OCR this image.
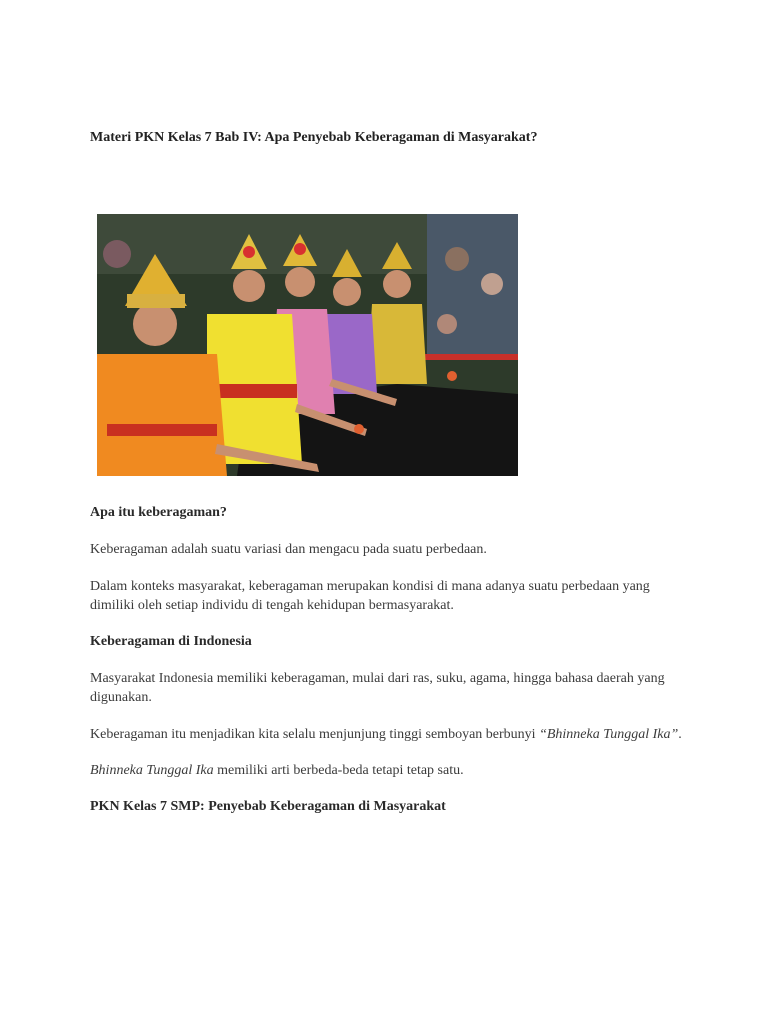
Materi PKN Kelas 7 Bab IV: Apa Penyebab Keberagaman di Masyarakat?
Apa itu keberagaman?

Keberagaman adalah suatu variasi dan mengacu pada suatu perbedaan.

Dalam konteks masyarakat, keberagaman merupakan kondisi di mana adanya suatu perbedaan yang dimiliki oleh setiap individu di tengah kehidupan bermasyarakat.

Keberagaman di Indonesia

Masyarakat Indonesia memiliki keberagaman, mulai dari ras, suku, agama, hingga bahasa daerah yang digunakan.

Keberagaman itu menjadikan kita selalu menjunjung tinggi semboyan berbunyi “Bhinneka Tunggal Ika”.

Bhinneka Tunggal Ika memiliki arti berbeda-beda tetapi tetap satu.

PKN Kelas 7 SMP: Penyebab Keberagaman di Masyarakat
